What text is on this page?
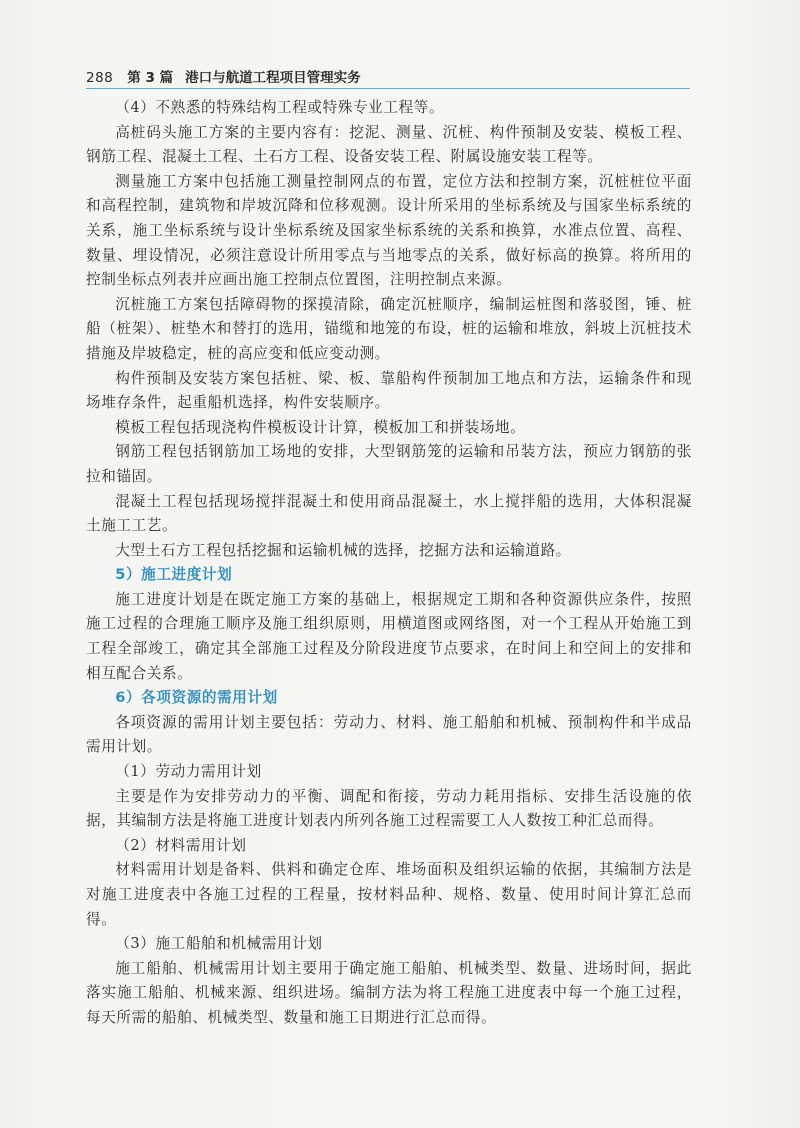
288 第 3 篇 港口与航道工程项目管理实务

（4）不熟悉的特殊结构工程或特殊专业工程等。

高桩码头施工方案的主要内容有：挖泥、测量、沉桩、构件预制及安装、模板工程、钢筋工程、混凝土工程、土石方工程、设备安装工程、附属设施安装工程等。

测量施工方案中包括施工测量控制网点的布置，定位方法和控制方案，沉桩桩位平面和高程控制，建筑物和岸坡沉降和位移观测。设计所采用的坐标系统及与国家坐标系统的关系，施工坐标系统与设计坐标系统及国家坐标系统的关系和换算，水准点位置、高程、数量、埋设情况，必须注意设计所用零点与当地零点的关系，做好标高的换算。将所用的控制坐标点列表并应画出施工控制点位置图，注明控制点来源。

沉桩施工方案包括障碍物的探摸清除，确定沉桩顺序，编制运桩图和落驳图，锤、桩船（桩架）、桩垫木和替打的选用，锚缆和地笼的布设，桩的运输和堆放，斜坡上沉桩技术措施及岸坡稳定，桩的高应变和低应变动测。

构件预制及安装方案包括桩、梁、板、靠船构件预制加工地点和方法，运输条件和现场堆存条件，起重船机选择，构件安装顺序。

模板工程包括现浇构件模板设计计算，模板加工和拼装场地。

钢筋工程包括钢筋加工场地的安排，大型钢筋笼的运输和吊装方法，预应力钢筋的张拉和锚固。

混凝土工程包括现场搅拌混凝土和使用商品混凝土，水上搅拌船的选用，大体积混凝土施工工艺。

大型土石方工程包括挖掘和运输机械的选择，挖掘方法和运输道路。

5）施工进度计划

施工进度计划是在既定施工方案的基础上，根据规定工期和各种资源供应条件，按照施工过程的合理施工顺序及施工组织原则，用横道图或网络图，对一个工程从开始施工到工程全部竣工，确定其全部施工过程及分阶段进度节点要求，在时间上和空间上的安排和相互配合关系。

6）各项资源的需用计划

各项资源的需用计划主要包括：劳动力、材料、施工船舶和机械、预制构件和半成品需用计划。

（1）劳动力需用计划

主要是作为安排劳动力的平衡、调配和衔接，劳动力耗用指标、安排生活设施的依据，其编制方法是将施工进度计划表内所列各施工过程需要工人人数按工种汇总而得。

（2）材料需用计划

材料需用计划是备料、供料和确定仓库、堆场面积及组织运输的依据，其编制方法是对施工进度表中各施工过程的工程量，按材料品种、规格、数量、使用时间计算汇总而得。

（3）施工船舶和机械需用计划

施工船舶、机械需用计划主要用于确定施工船舶、机械类型、数量、进场时间，据此落实施工船舶、机械来源、组织进场。编制方法为将工程施工进度表中每一个施工过程，每天所需的船舶、机械类型、数量和施工日期进行汇总而得。
